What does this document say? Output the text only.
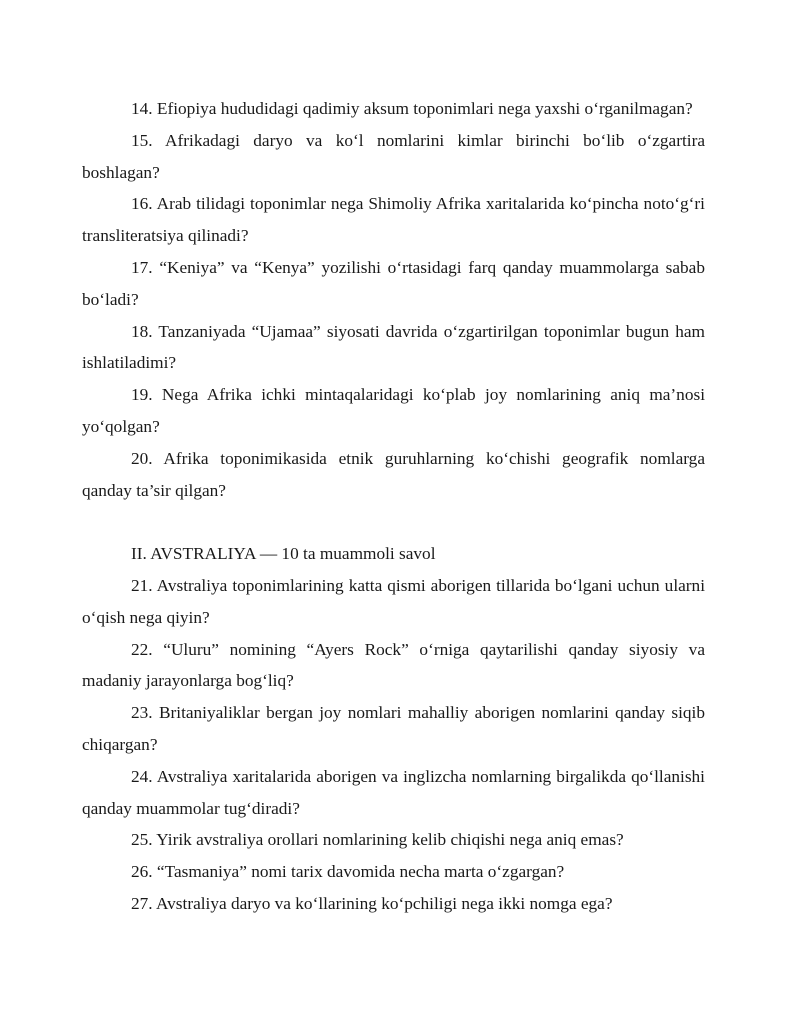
14. Efiopiya hududidagi qadimiy aksum toponimlari nega yaxshi o‘rganilmagan?

15. Afrikadagi daryo va ko‘l nomlarini kimlar birinchi bo‘lib o‘zgartira boshlagan?

16. Arab tilidagi toponimlar nega Shimoliy Afrika xaritalarida ko‘pincha noto‘g‘ri transliteratsiya qilinadi?

17. “Keniya” va “Kenya” yozilishi o‘rtasidagi farq qanday muammolarga sabab bo‘ladi?

18. Tanzaniyada “Ujamaa” siyosati davrida o‘zgartirilgan toponimlar bugun ham ishlatiladimi?

19. Nega Afrika ichki mintaqalaridagi ko‘plab joy nomlarining aniq ma’nosi yo‘qolgan?

20. Afrika toponimikasida etnik guruhlarning ko‘chishi geografik nomlarga qanday ta’sir qilgan?

II. AVSTRALIYA — 10 ta muammoli savol

21. Avstraliya toponimlarining katta qismi aborigen tillarida bo‘lgani uchun ularni o‘qish nega qiyin?

22. “Uluru” nomining “Ayers Rock” o‘rniga qaytarilishi qanday siyosiy va madaniy jarayonlarga bog‘liq?

23. Britaniyaliklar bergan joy nomlari mahalliy aborigen nomlarini qanday siqib chiqargan?

24. Avstraliya xaritalarida aborigen va inglizcha nomlarning birgalikda qo‘llanishi qanday muammolar tug‘diradi?

25. Yirik avstraliya orollari nomlarining kelib chiqishi nega aniq emas?

26. “Tasmaniya” nomi tarix davomida necha marta o‘zgargan?

27. Avstraliya daryo va ko‘llarining ko‘pchiligi nega ikki nomga ega?
